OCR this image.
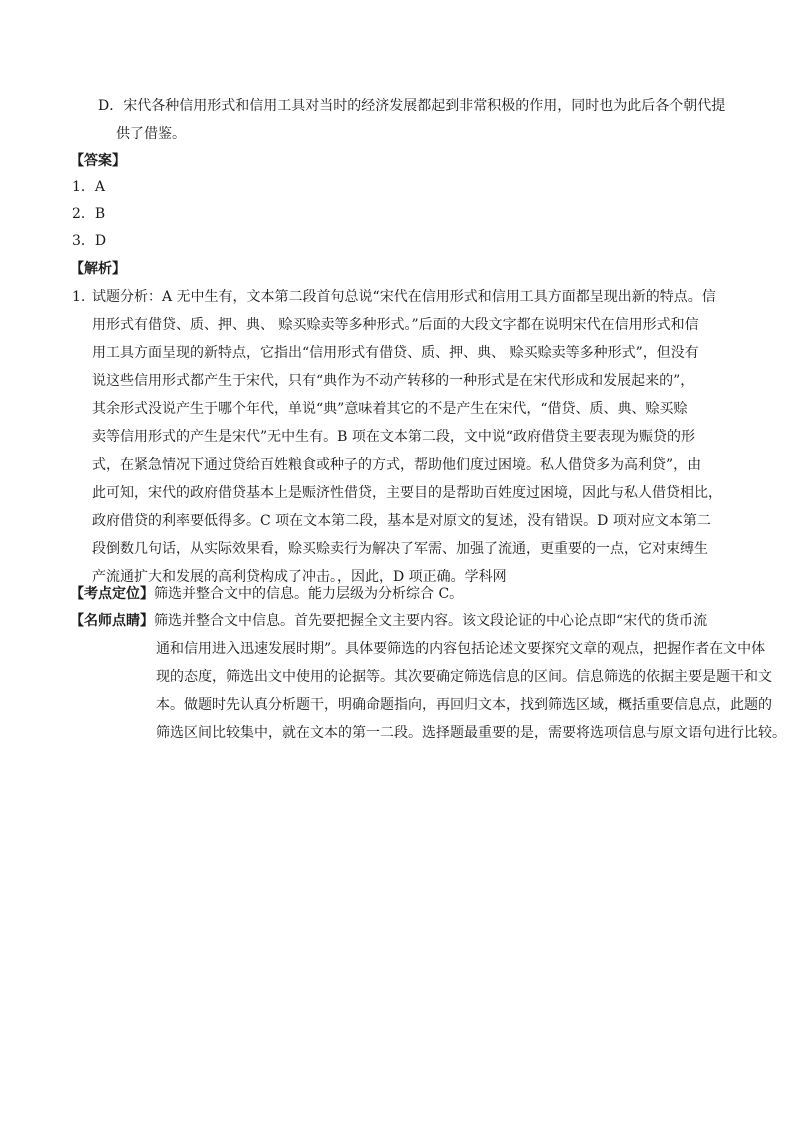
D．宋代各种信用形式和信用工具对当时的经济发展都起到非常积极的作用，同时也为此后各个朝代提
供了借鉴。
【答案】
1．A
2．B
3．D
【解析】
1. 试题分析：A 无中生有，文本第二段首句总说“宋代在信用形式和信用工具方面都呈现出新的特点。信
用形式有借贷、质、押、典、 赊买赊卖等多种形式。”后面的大段文字都在说明宋代在信用形式和信
用工具方面呈现的新特点，它指出“信用形式有借贷、质、押、典、 赊买赊卖等多种形式”，但没有
说这些信用形式都产生于宋代，只有“典作为不动产转移的一种形式是在宋代形成和发展起来的”，
其余形式没说产生于哪个年代，单说“典”意味着其它的不是产生在宋代，“借贷、质、典、赊买赊
卖等信用形式的产生是宋代”无中生有。B 项在文本第二段，文中说“政府借贷主要表现为赈贷的形
式，在紧急情况下通过贷给百姓粮食或种子的方式，帮助他们度过困境。私人借贷多为高利贷”，由
此可知，宋代的政府借贷基本上是赈济性借贷，主要目的是帮助百姓度过困境，因此与私人借贷相比，
政府借贷的利率要低得多。C 项在文本第二段，基本是对原文的复述，没有错误。D 项对应文本第二
段倒数几句话，从实际效果看，赊买赊卖行为解决了军需、加强了流通，更重要的一点，它对束缚生
产流通扩大和发展的高利贷构成了冲击。，因此，D 项正确。学科网
【考点定位】筛选并整合文中的信息。能力层级为分析综合 C。
【名师点睛】筛选并整合文中信息。首先要把握全文主要内容。该文段论证的中心论点即“宋代的货币流
通和信用进入迅速发展时期”。具体要筛选的内容包括论述文要探究文章的观点，把握作者在文中体
现的态度，筛选出文中使用的论据等。其次要确定筛选信息的区间。信息筛选的依据主要是题干和文
本。做题时先认真分析题干，明确命题指向，再回归文本，找到筛选区域，概括重要信息点，此题的
筛选区间比较集中，就在文本的第一二段。选择题最重要的是，需要将选项信息与原文语句进行比较。
